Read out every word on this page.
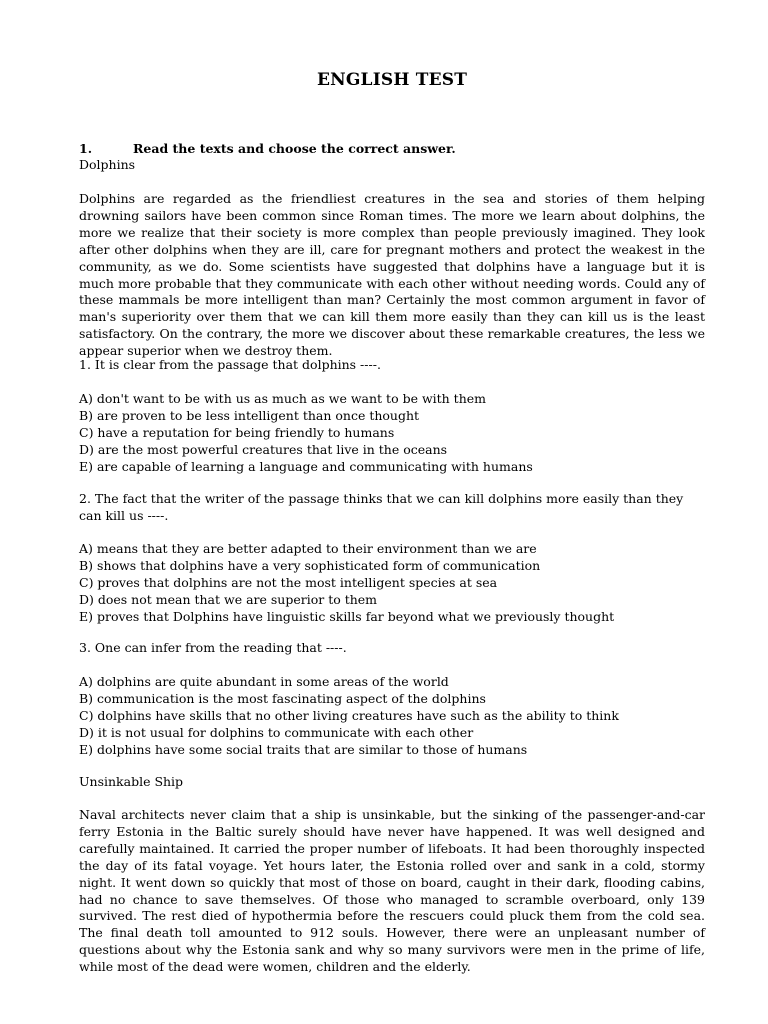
ENGLISH TEST
1.	Read the texts and choose the correct answer.
Dolphins
Dolphins are regarded as the friendliest creatures in the sea and stories of them helping drowning sailors have been common since Roman times. The more we learn about dolphins, the more we realize that their society is more complex than people previously imagined. They look after other dolphins when they are ill, care for pregnant mothers and protect the weakest in the community, as we do. Some scientists have suggested that dolphins have a language but it is much more probable that they communicate with each other without needing words. Could any of these mammals be more intelligent than man? Certainly the most common argument in favor of man's superiority over them that we can kill them more easily than they can kill us is the least satisfactory. On the contrary, the more we discover about these remarkable creatures, the less we appear superior when we destroy them.
1. It is clear from the passage that dolphins ----.
A) don't want to be with us as much as we want to be with them
B) are proven to be less intelligent than once thought
C) have a reputation for being friendly to humans
D) are the most powerful creatures that live in the oceans
E) are capable of learning a language and communicating with humans
2. The fact that the writer of the passage thinks that we can kill dolphins more easily than they can kill us ----.
A) means that they are better adapted to their environment than we are
B) shows that dolphins have a very sophisticated form of communication
C) proves that dolphins are not the most intelligent species at sea
D) does not mean that we are superior to them
E) proves that Dolphins have linguistic skills far beyond what we previously thought
3. One can infer from the reading that ----.
A) dolphins are quite abundant in some areas of the world
B) communication is the most fascinating aspect of the dolphins
C) dolphins have skills that no other living creatures have such as the ability to think
D) it is not usual for dolphins to communicate with each other
E) dolphins have some social traits that are similar to those of humans
Unsinkable Ship
Naval architects never claim that a ship is unsinkable, but the sinking of the passenger-and-car ferry Estonia in the Baltic surely should have never have happened. It was well designed and carefully maintained. It carried the proper number of lifeboats. It had been thoroughly inspected the day of its fatal voyage. Yet hours later, the Estonia rolled over and sank in a cold, stormy night. It went down so quickly that most of those on board, caught in their dark, flooding cabins, had no chance to save themselves. Of those who managed to scramble overboard, only 139 survived. The rest died of hypothermia before the rescuers could pluck them from the cold sea. The final death toll amounted to 912 souls. However, there were an unpleasant number of questions about why the Estonia sank and why so many survivors were men in the prime of life, while most of the dead were women, children and the elderly.
